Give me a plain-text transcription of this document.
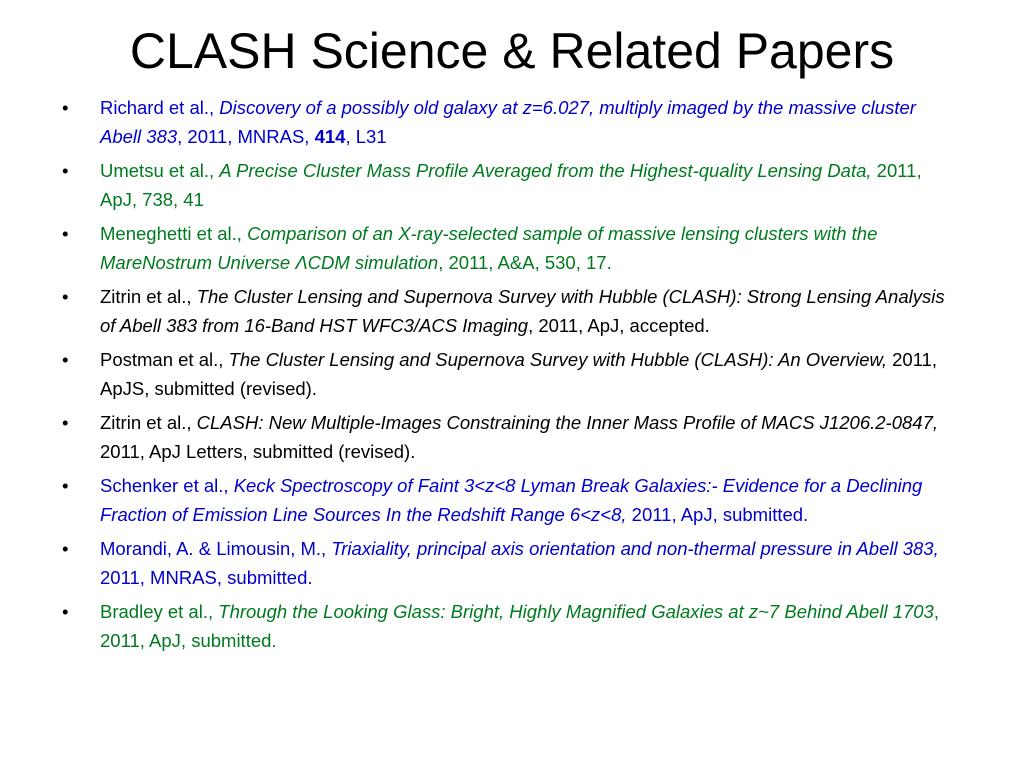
CLASH Science & Related Papers
• Richard et al., Discovery of a possibly old galaxy at z=6.027, multiply imaged by the massive cluster Abell 383, 2011, MNRAS, 414, L31
• Umetsu et al., A Precise Cluster Mass Profile Averaged from the Highest-quality Lensing Data, 2011, ApJ, 738, 41
• Meneghetti et al., Comparison of an X-ray-selected sample of massive lensing clusters with the MareNostrum Universe ΛCDM simulation, 2011, A&A, 530, 17.
• Zitrin et al., The Cluster Lensing and Supernova Survey with Hubble (CLASH): Strong Lensing Analysis of Abell 383 from 16-Band HST WFC3/ACS Imaging, 2011, ApJ, accepted.
• Postman et al., The Cluster Lensing and Supernova Survey with Hubble (CLASH): An Overview, 2011, ApJS, submitted (revised).
• Zitrin et al., CLASH: New Multiple-Images Constraining the Inner Mass Profile of MACS J1206.2-0847, 2011, ApJ Letters, submitted (revised).
• Schenker et al., Keck Spectroscopy of Faint 3<z<8 Lyman Break Galaxies:- Evidence for a Declining Fraction of Emission Line Sources In the Redshift Range 6<z<8, 2011, ApJ, submitted.
• Morandi, A. & Limousin, M., Triaxiality, principal axis orientation and non-thermal pressure in Abell 383, 2011, MNRAS, submitted.
• Bradley et al., Through the Looking Glass: Bright, Highly Magnified Galaxies at z~7 Behind Abell 1703, 2011, ApJ, submitted.
